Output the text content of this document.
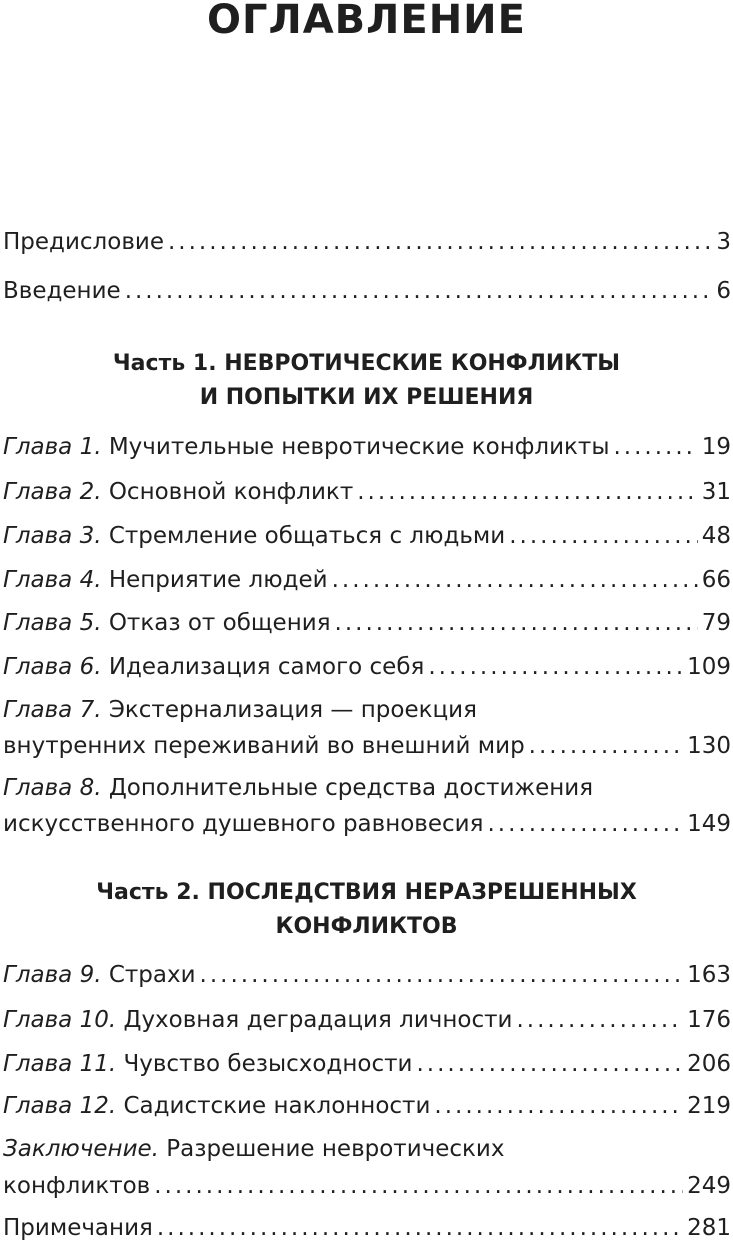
ОГЛАВЛЕНИЕ
Предисловие .....	3
Введение .....	6
Часть 1. НЕВРОТИЧЕСКИЕ КОНФЛИКТЫ
И ПОПЫТКИ ИХ РЕШЕНИЯ
Глава 1. Мучительные невротические конфликты .....	19
Глава 2. Основной конфликт .....	31
Глава 3. Стремление общаться с людьми .....	48
Глава 4. Неприятие людей .....	66
Глава 5. Отказ от общения .....	79
Глава 6. Идеализация самого себя .....	109
Глава 7. Экстернализация — проекция
внутренних переживаний во внешний мир .....	130
Глава 8. Дополнительные средства достижения
искусственного душевного равновесия .....	149
Часть 2. ПОСЛЕДСТВИЯ НЕРАЗРЕШЕННЫХ
КОНФЛИКТОВ
Глава 9. Страхи .....	163
Глава 10. Духовная деградация личности .....	176
Глава 11. Чувство безысходности .....	206
Глава 12. Садистские наклонности .....	219
Заключение. Разрешение невротических
конфликтов .....	249
Примечания .....	281
